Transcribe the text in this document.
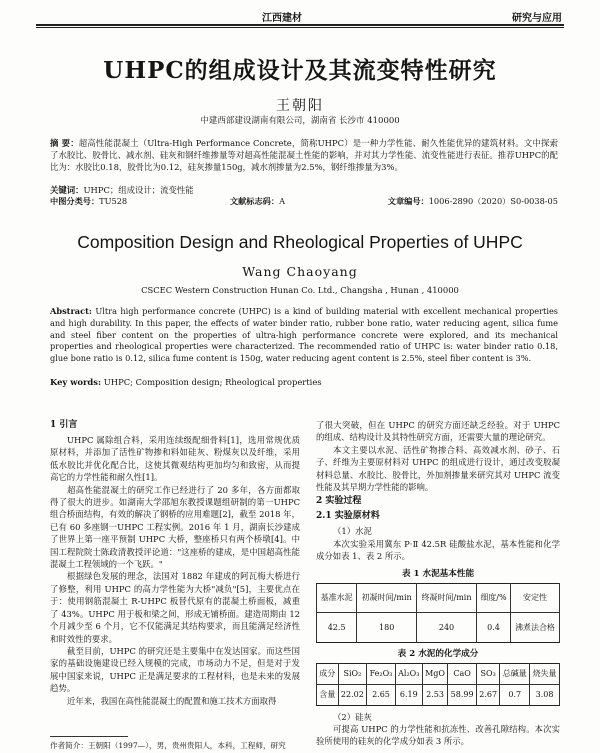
江西建材	研究与应用
UHPC的组成设计及其流变特性研究
王朝阳
中建西部建设湖南有限公司，湖南省 长沙市 410000
摘 要：超高性能混凝土（Ultra-High Performance Concrete，简称UHPC）是一种力学性能、耐久性能优异的建筑材料。文中探索了水胶比、胶骨比、减水剂、硅灰和钢纤维掺量等对超高性能混凝土性能的影响，并对其力学性能、流变性能进行表征。推荐UHPC的配比为：水胶比0.18，胶骨比为0.12，硅灰掺量150g，减水剂掺量为2.5%，钢纤维掺量为3%。
关键词：UHPC；组成设计；流变性能
中图分类号：TU528	文献标志码：A	文章编号：1006-2890（2020）S0-0038-05
Composition Design and Rheological Properties of UHPC
Wang Chaoyang
CSCEC Western Construction Hunan Co. Ltd., Changsha , Hunan , 410000
Abstract: Ultra high performance concrete (UHPC) is a kind of building material with excellent mechanical properties and high durability. In this paper, the effects of water binder ratio, rubber bone ratio, water reducing agent, silica fume and steel fiber content on the properties of ultra-high performance concrete were explored, and its mechanical properties and rheological properties were characterized. The recommended ratio of UHPC is: water binder ratio 0.18, glue bone ratio is 0.12, silica fume content is 150g, water reducing agent content is 2.5%, steel fiber content is 3%.
Key words: UHPC; Composition design; Rheological properties
1 引言

UHPC 属除组合料，采用连续级配细骨料[1]，选用常规优质原材料，并添加了活性矿物掺和料如硅灰、粉煤灰以及纤维，采用低水胶比并优化配合比，这使其微观结构更加均匀和致密，从而提高它的力学性能和耐久性[1]。

超高性能混凝土的研究工作已经进行了 20 多年，各方面都取得了很大的进步。如湖南大学邵旭东教授课题组研制的第一UHPC 组合桥面结构，有效的解决了钢桥的应用难题[2]，截至 2018 年，已有 60 多座钢一UHPC 工程实例。2016 年 1 月，湖南长沙建成了世界上第一座平预制 UHPC 大桥，整座桥只有两个桥墩[4]。中国工程院院士陈政清教授评论道："这座桥的建成，是中国超高性能混凝土工程领域的一个飞跃。"

根据绿色发展的理念，法国对 1882 年建成的阿瓦梅大桥进行了修整，利用 UHPC 的高力学性能为大桥"减负"[5]，主要优点在于：使用钢筋混凝土 R-UHPC 板替代原有的混凝土桥面板，减重了 43%。UHPC 用于板和梁之间，形成无铺桥面。建造周期由 12 个月减少至 6 个月，它不仅能满足其结构要求，而且能满足经济性和时效性的要求。

截至目前，UHPC 的研究还是主要集中在发达国家。而这些国家的基础设施建设已经入规模的完成，市场动力不足，但是对于发展中国家来说，UHPC 正是满足要求的工程材料，也是未来的发展趋势。

近年来，我国在高性能混凝土的配置和施工技术方面取得

作者简介：王朝阳（1997—），男，贵州贵阳人，本科，工程师，研究

了很大突破，但在 UHPC 的研究方面还缺乏经验。对于 UHPC 的组成、结构设计及其特性研究方面，还需要大量的理论研究。

本文主要以水泥、活性矿物掺合料、高效减水剂、砂子、石子、纤维为主要原材料对 UHPC 的组成进行设计，通过改变胶凝材料总量、水胶比、胶骨比，外加剂掺量来研究其对 UHPC 流变性能及其早期力学性能的影响。

2 实验过程
2.1 实验原材料

（1）水泥

本次实验采用冀东 P·Ⅱ 42.5R 硅酸盐水泥，基本性能和化学成分如表 1、表 2 所示。

表 1 水泥基本性能
基准水泥	初凝时间/min	终凝时间/min	细度/%	安定性
42.5	180	240	0.4	沸煮法合格
表 2 水泥的化学成分
成分	SiO₂	Fe₂O₃	Al₂O₃	MgO	CaO	SO₃	总碱量	烧失量
含量	22.02	2.65	6.19	2.53	58.99	2.67	0.7	3.08

（2）硅灰

可提高 UHPC 的力学性能和抗冻性、改善孔隙结构。本次实验所使用的硅灰的化学成分如表 3 所示。
